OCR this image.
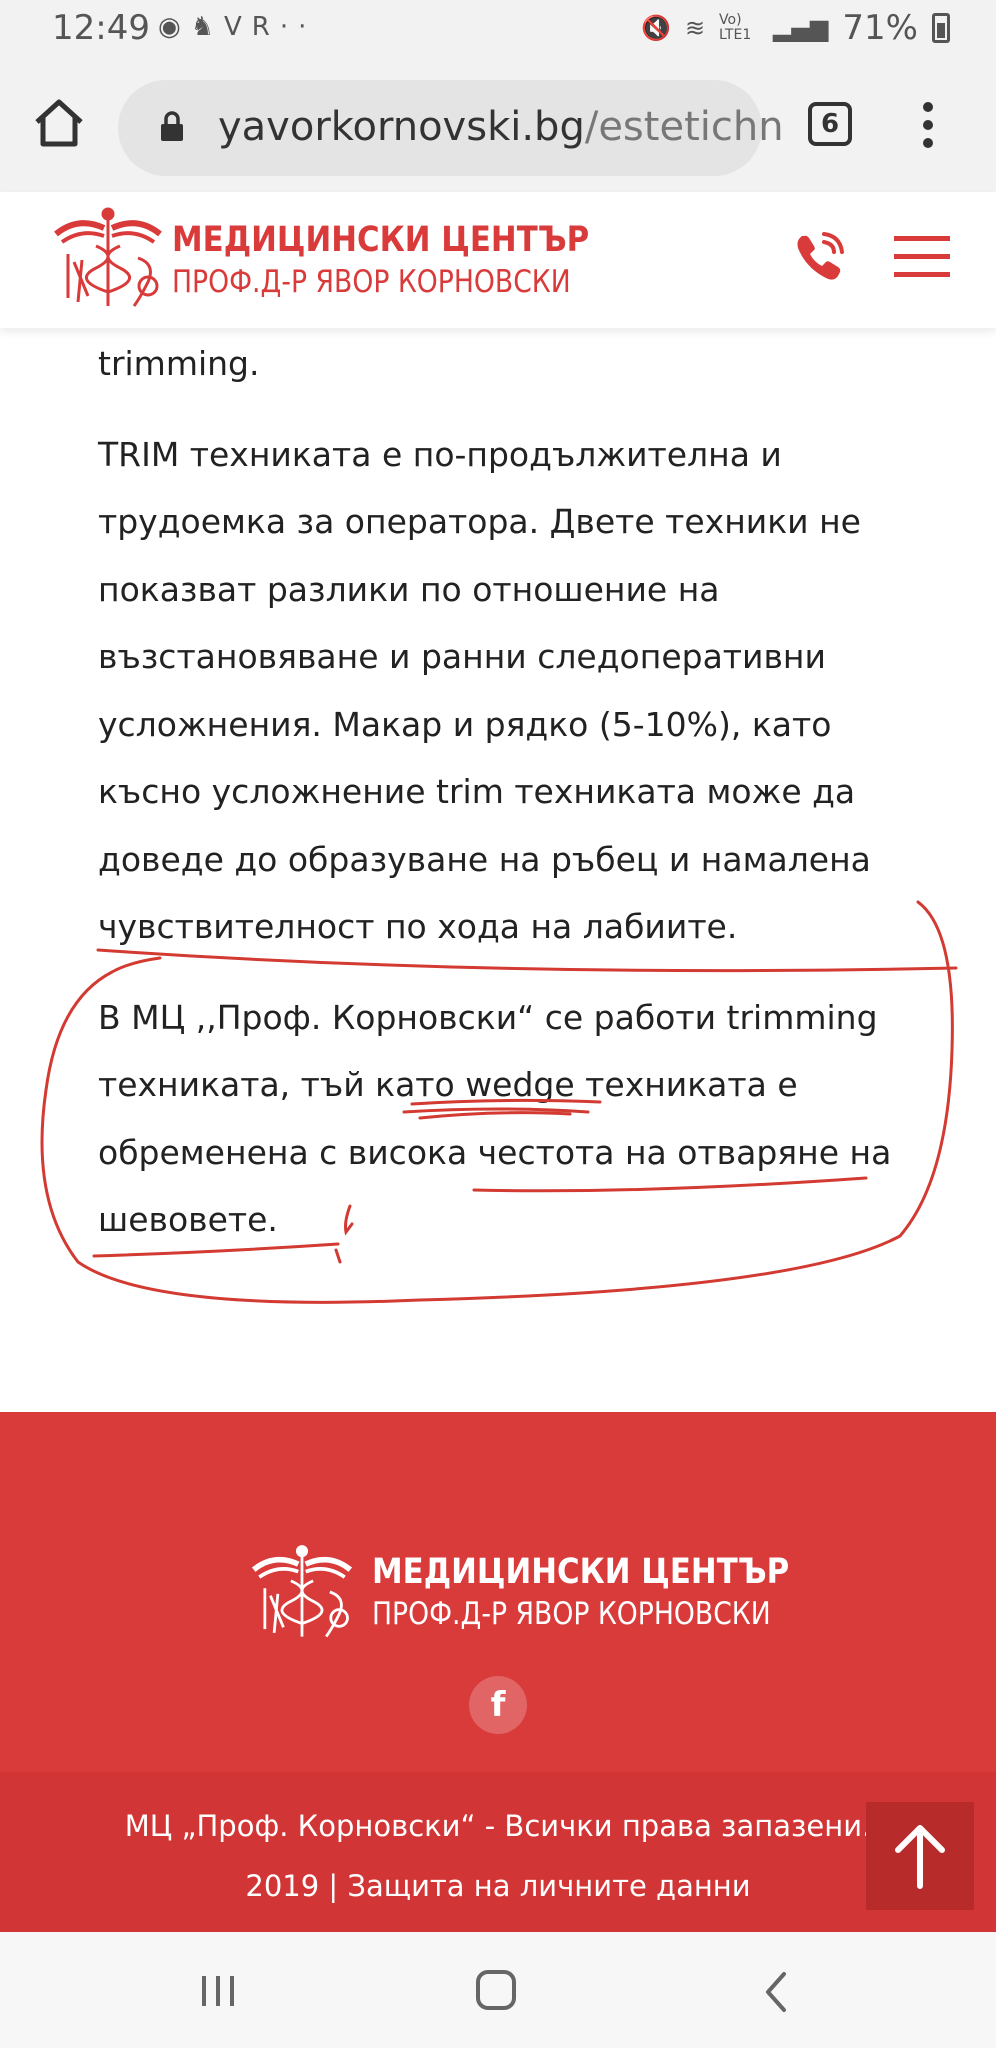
12:49 ◉♞VR··	🔇 ≋ Vo) LTE1 ▂▄▆ 71%
yavorkornovski.bg/estetichn	6
МЕДИЦИНСКИ ЦЕНТЪР
ПРОФ.Д-Р ЯВОР КОРНОВСКИ

trimming.

TRIM техниката е по-продължителна и трудоемка за оператора. Двете техники не показват разлики по отношение на възстановяване и ранни следоперативни усложнения. Макар и рядко (5-10%), като късно усложнение trim техниката може да доведе до образуване на ръбец и намалена чувствителност по хода на лабиите.

В МЦ ,,Проф. Корновски“ се работи trimming техниката, тъй като wedge техниката е обременена с висока честота на отваряне на шевовете.

МЕДИЦИНСКИ ЦЕНТЪР
ПРОФ.Д-Р ЯВОР КОРНОВСКИ
f
МЦ „Проф. Корновски“ - Всички права запазени.
2019 | Защита на личните данни
